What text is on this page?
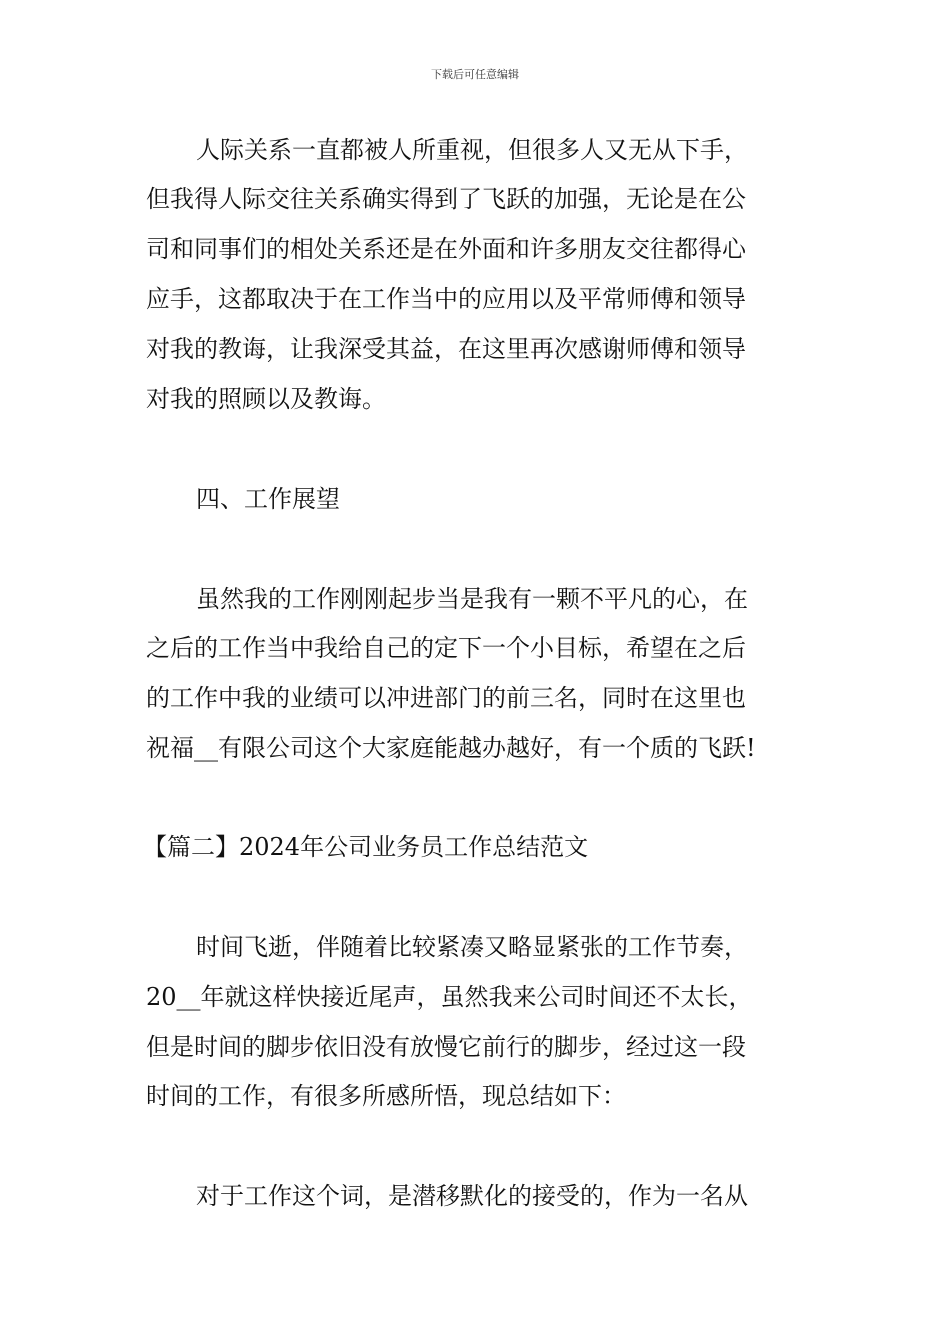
下载后可任意编辑
人际关系一直都被人所重视，但很多人又无从下手，
但我得人际交往关系确实得到了飞跃的加强，无论是在公
司和同事们的相处关系还是在外面和许多朋友交往都得心
应手，这都取决于在工作当中的应用以及平常师傅和领导
对我的教诲，让我深受其益，在这里再次感谢师傅和领导
对我的照顾以及教诲。
四、工作展望
虽然我的工作刚刚起步当是我有一颗不平凡的心，在
之后的工作当中我给自己的定下一个小目标，希望在之后
的工作中我的业绩可以冲进部门的前三名，同时在这里也
祝福__有限公司这个大家庭能越办越好，有一个质的飞跃!
【篇二】2024年公司业务员工作总结范文
时间飞逝，伴随着比较紧凑又略显紧张的工作节奏，
20__年就这样快接近尾声，虽然我来公司时间还不太长，
但是时间的脚步依旧没有放慢它前行的脚步，经过这一段
时间的工作，有很多所感所悟，现总结如下：
对于工作这个词，是潜移默化的接受的，作为一名从
